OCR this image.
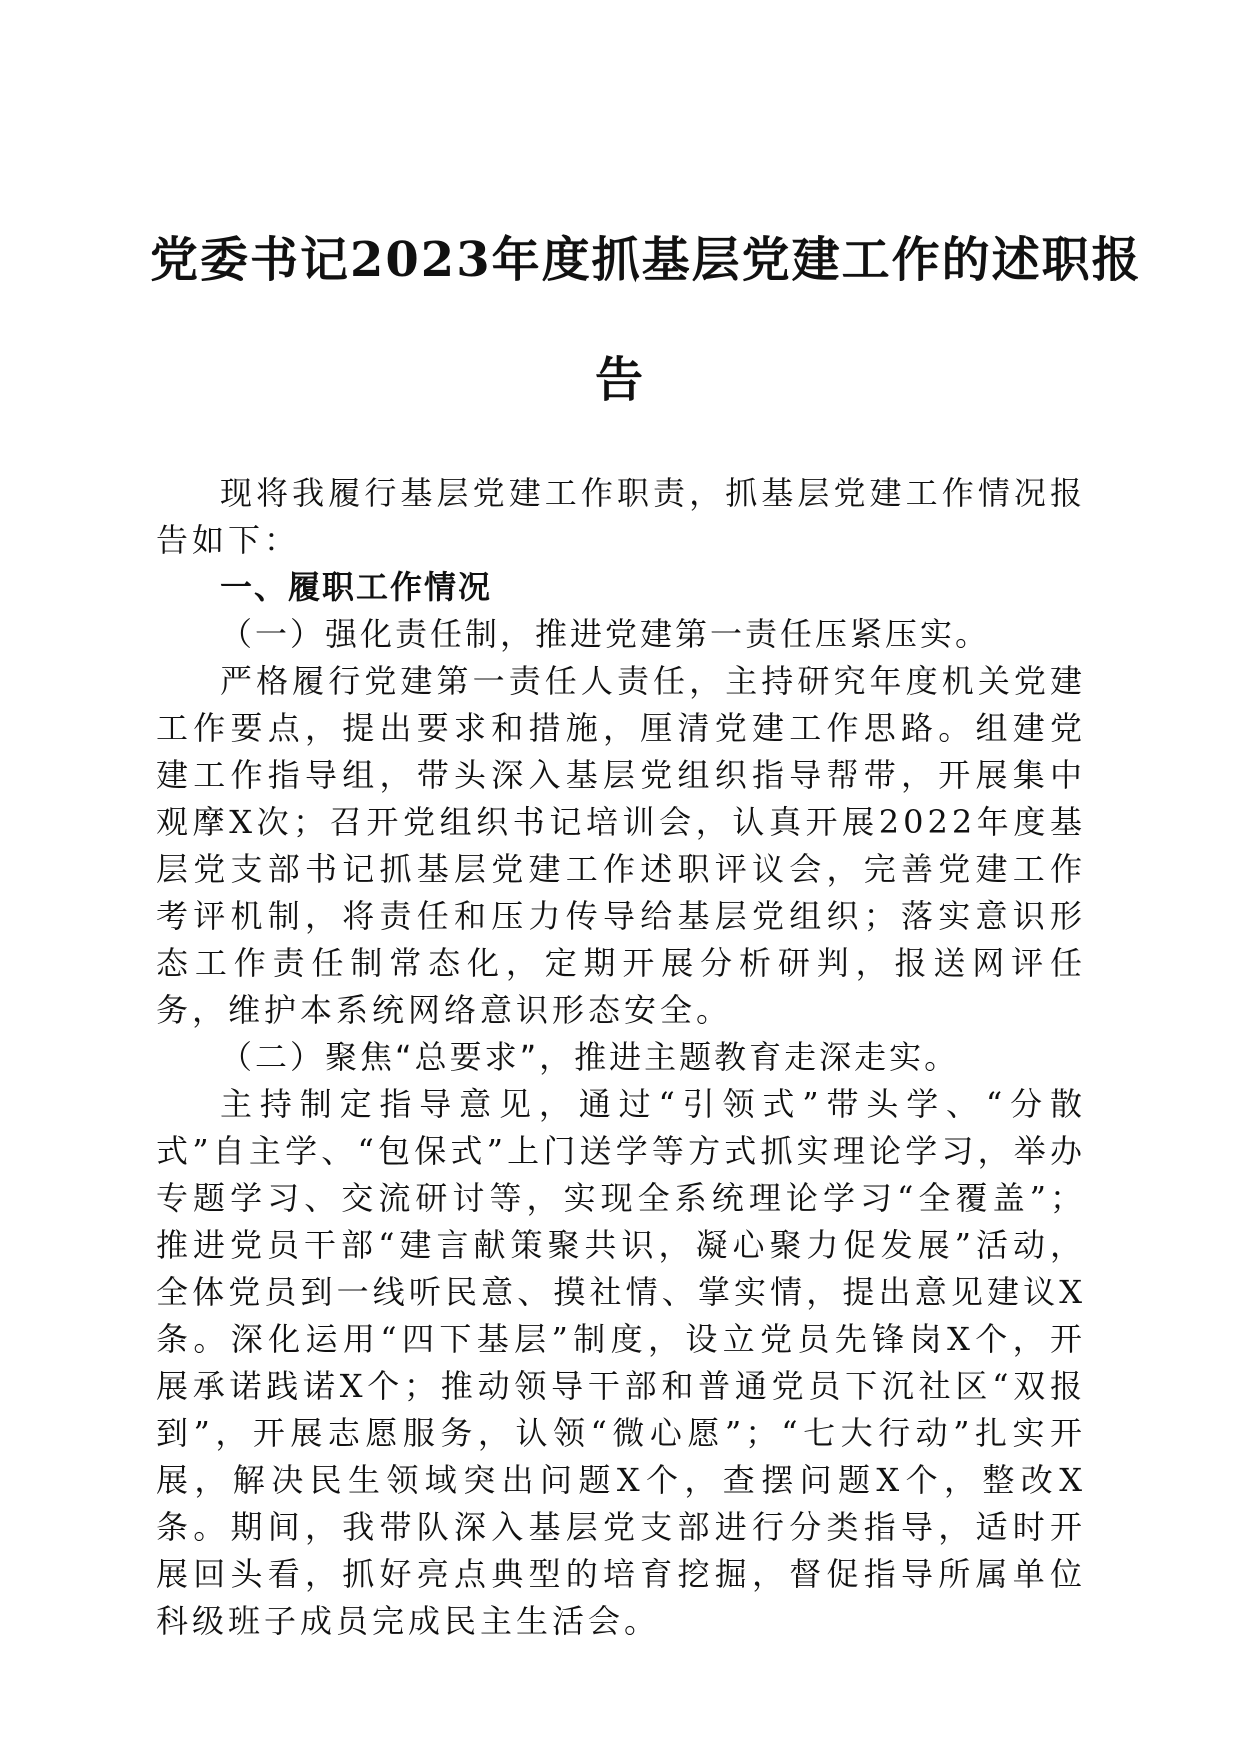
党委书记2023年度抓基层党建工作的述职报
告

现将我履行基层党建工作职责，抓基层党建工作情况报告如下：

一、履职工作情况

（一）强化责任制，推进党建第一责任压紧压实。

严格履行党建第一责任人责任，主持研究年度机关党建工作要点，提出要求和措施，厘清党建工作思路。组建党建工作指导组，带头深入基层党组织指导帮带，开展集中观摩X次；召开党组织书记培训会，认真开展2022年度基层党支部书记抓基层党建工作述职评议会，完善党建工作考评机制，将责任和压力传导给基层党组织；落实意识形态工作责任制常态化，定期开展分析研判，报送网评任务，维护本系统网络意识形态安全。

（二）聚焦“总要求”，推进主题教育走深走实。

主持制定指导意见，通过“引领式”带头学、“分散式”自主学、“包保式”上门送学等方式抓实理论学习，举办专题学习、交流研讨等，实现全系统理论学习“全覆盖”；推进党员干部“建言献策聚共识，凝心聚力促发展”活动，全体党员到一线听民意、摸社情、掌实情，提出意见建议X条。深化运用“四下基层”制度，设立党员先锋岗X个，开展承诺践诺X个；推动领导干部和普通党员下沉社区“双报到”，开展志愿服务，认领“微心愿”；“七大行动”扎实开展，解决民生领域突出问题X个，查摆问题X个，整改X条。期间，我带队深入基层党支部进行分类指导，适时开展回头看，抓好亮点典型的培育挖掘，督促指导所属单位科级班子成员完成民主生活会。
